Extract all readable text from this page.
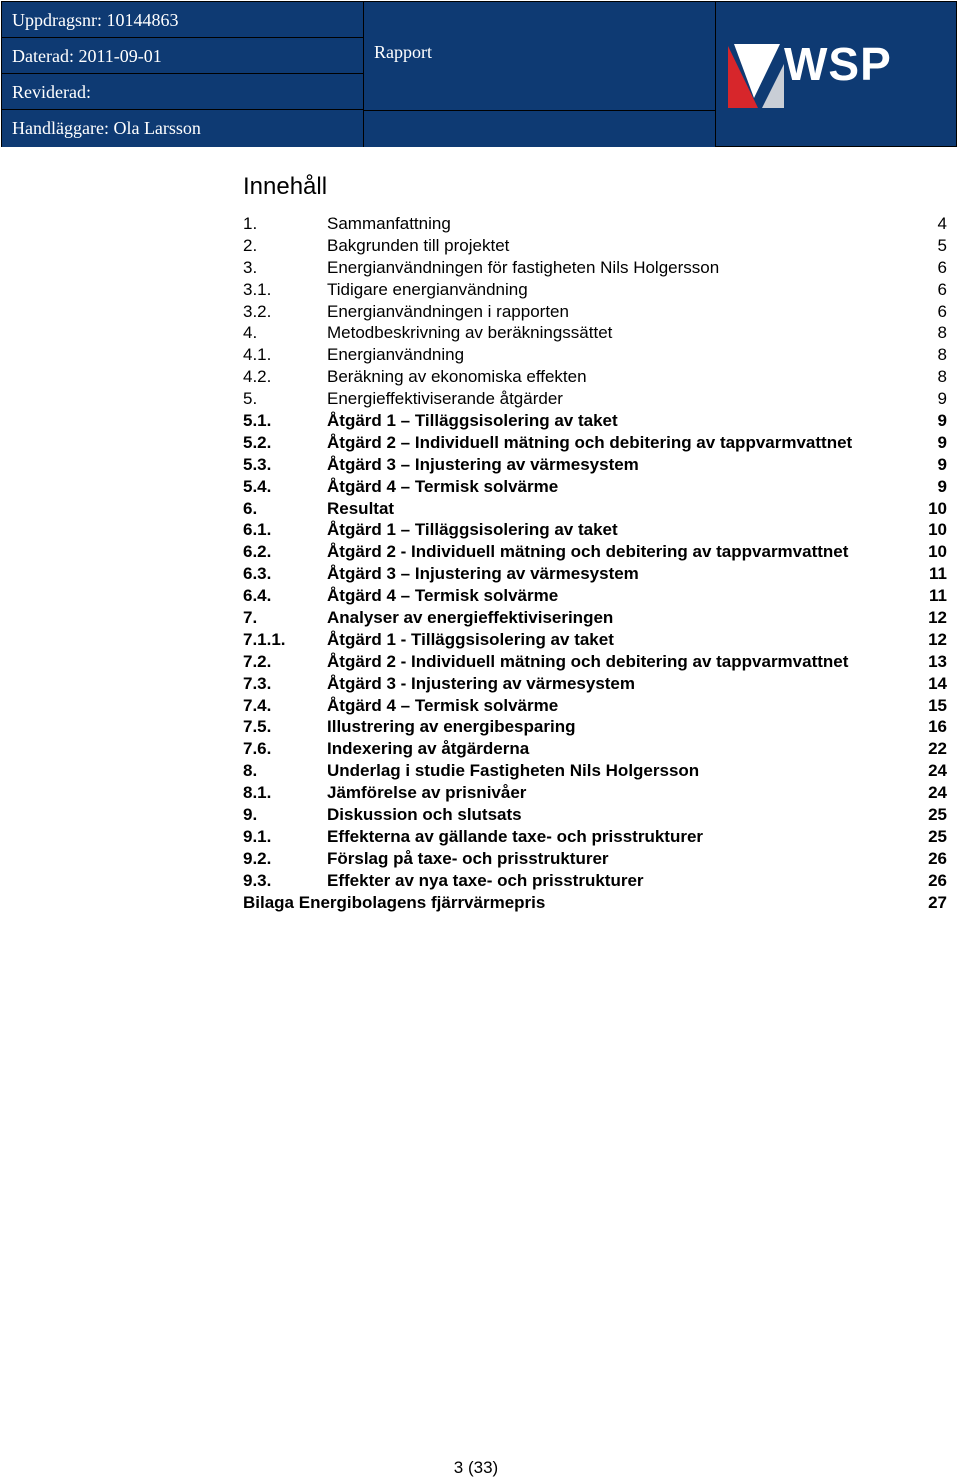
Uppdragsnr: 10144863
Daterad: 2011-09-01
Reviderad:
Handläggare: Ola Larsson
Rapport	WSP
Innehåll
1.	Sammanfattning	4
2.	Bakgrunden till projektet	5
3.	Energianvändningen för fastigheten Nils Holgersson	6
3.1.	Tidigare energianvändning	6
3.2.	Energianvändningen i rapporten	6
4.	Metodbeskrivning av beräkningssättet	8
4.1.	Energianvändning	8
4.2.	Beräkning av ekonomiska effekten	8
5.	Energieffektiviserande åtgärder	9
5.1.	Åtgärd 1 – Tilläggsisolering av taket	9
5.2.	Åtgärd 2 – Individuell mätning och debitering av tappvarmvattnet	9
5.3.	Åtgärd 3 – Injustering av värmesystem	9
5.4.	Åtgärd 4 – Termisk solvärme	9
6.	Resultat	10
6.1.	Åtgärd 1 – Tilläggsisolering av taket	10
6.2.	Åtgärd 2 - Individuell mätning och debitering av tappvarmvattnet	10
6.3.	Åtgärd 3 – Injustering av värmesystem	11
6.4.	Åtgärd 4 – Termisk solvärme	11
7.	Analyser av energieffektiviseringen	12
7.1.1. Åtgärd 1 - Tilläggsisolering av taket	12
7.2.	Åtgärd 2 - Individuell mätning och debitering av tappvarmvattnet	13
7.3.	Åtgärd 3 - Injustering av värmesystem	14
7.4.	Åtgärd 4 – Termisk solvärme	15
7.5.	Illustrering av energibesparing	16
7.6.	Indexering av åtgärderna	22
8.	Underlag i studie Fastigheten Nils Holgersson	24
8.1.	Jämförelse av prisnivåer	24
9.	Diskussion och slutsats	25
9.1.	Effekterna av gällande taxe- och prisstrukturer	25
9.2.	Förslag på taxe- och prisstrukturer	26
9.3.	Effekter av nya taxe- och prisstrukturer	26
Bilaga Energibolagens fjärrvärmepris	27
3 (33)
